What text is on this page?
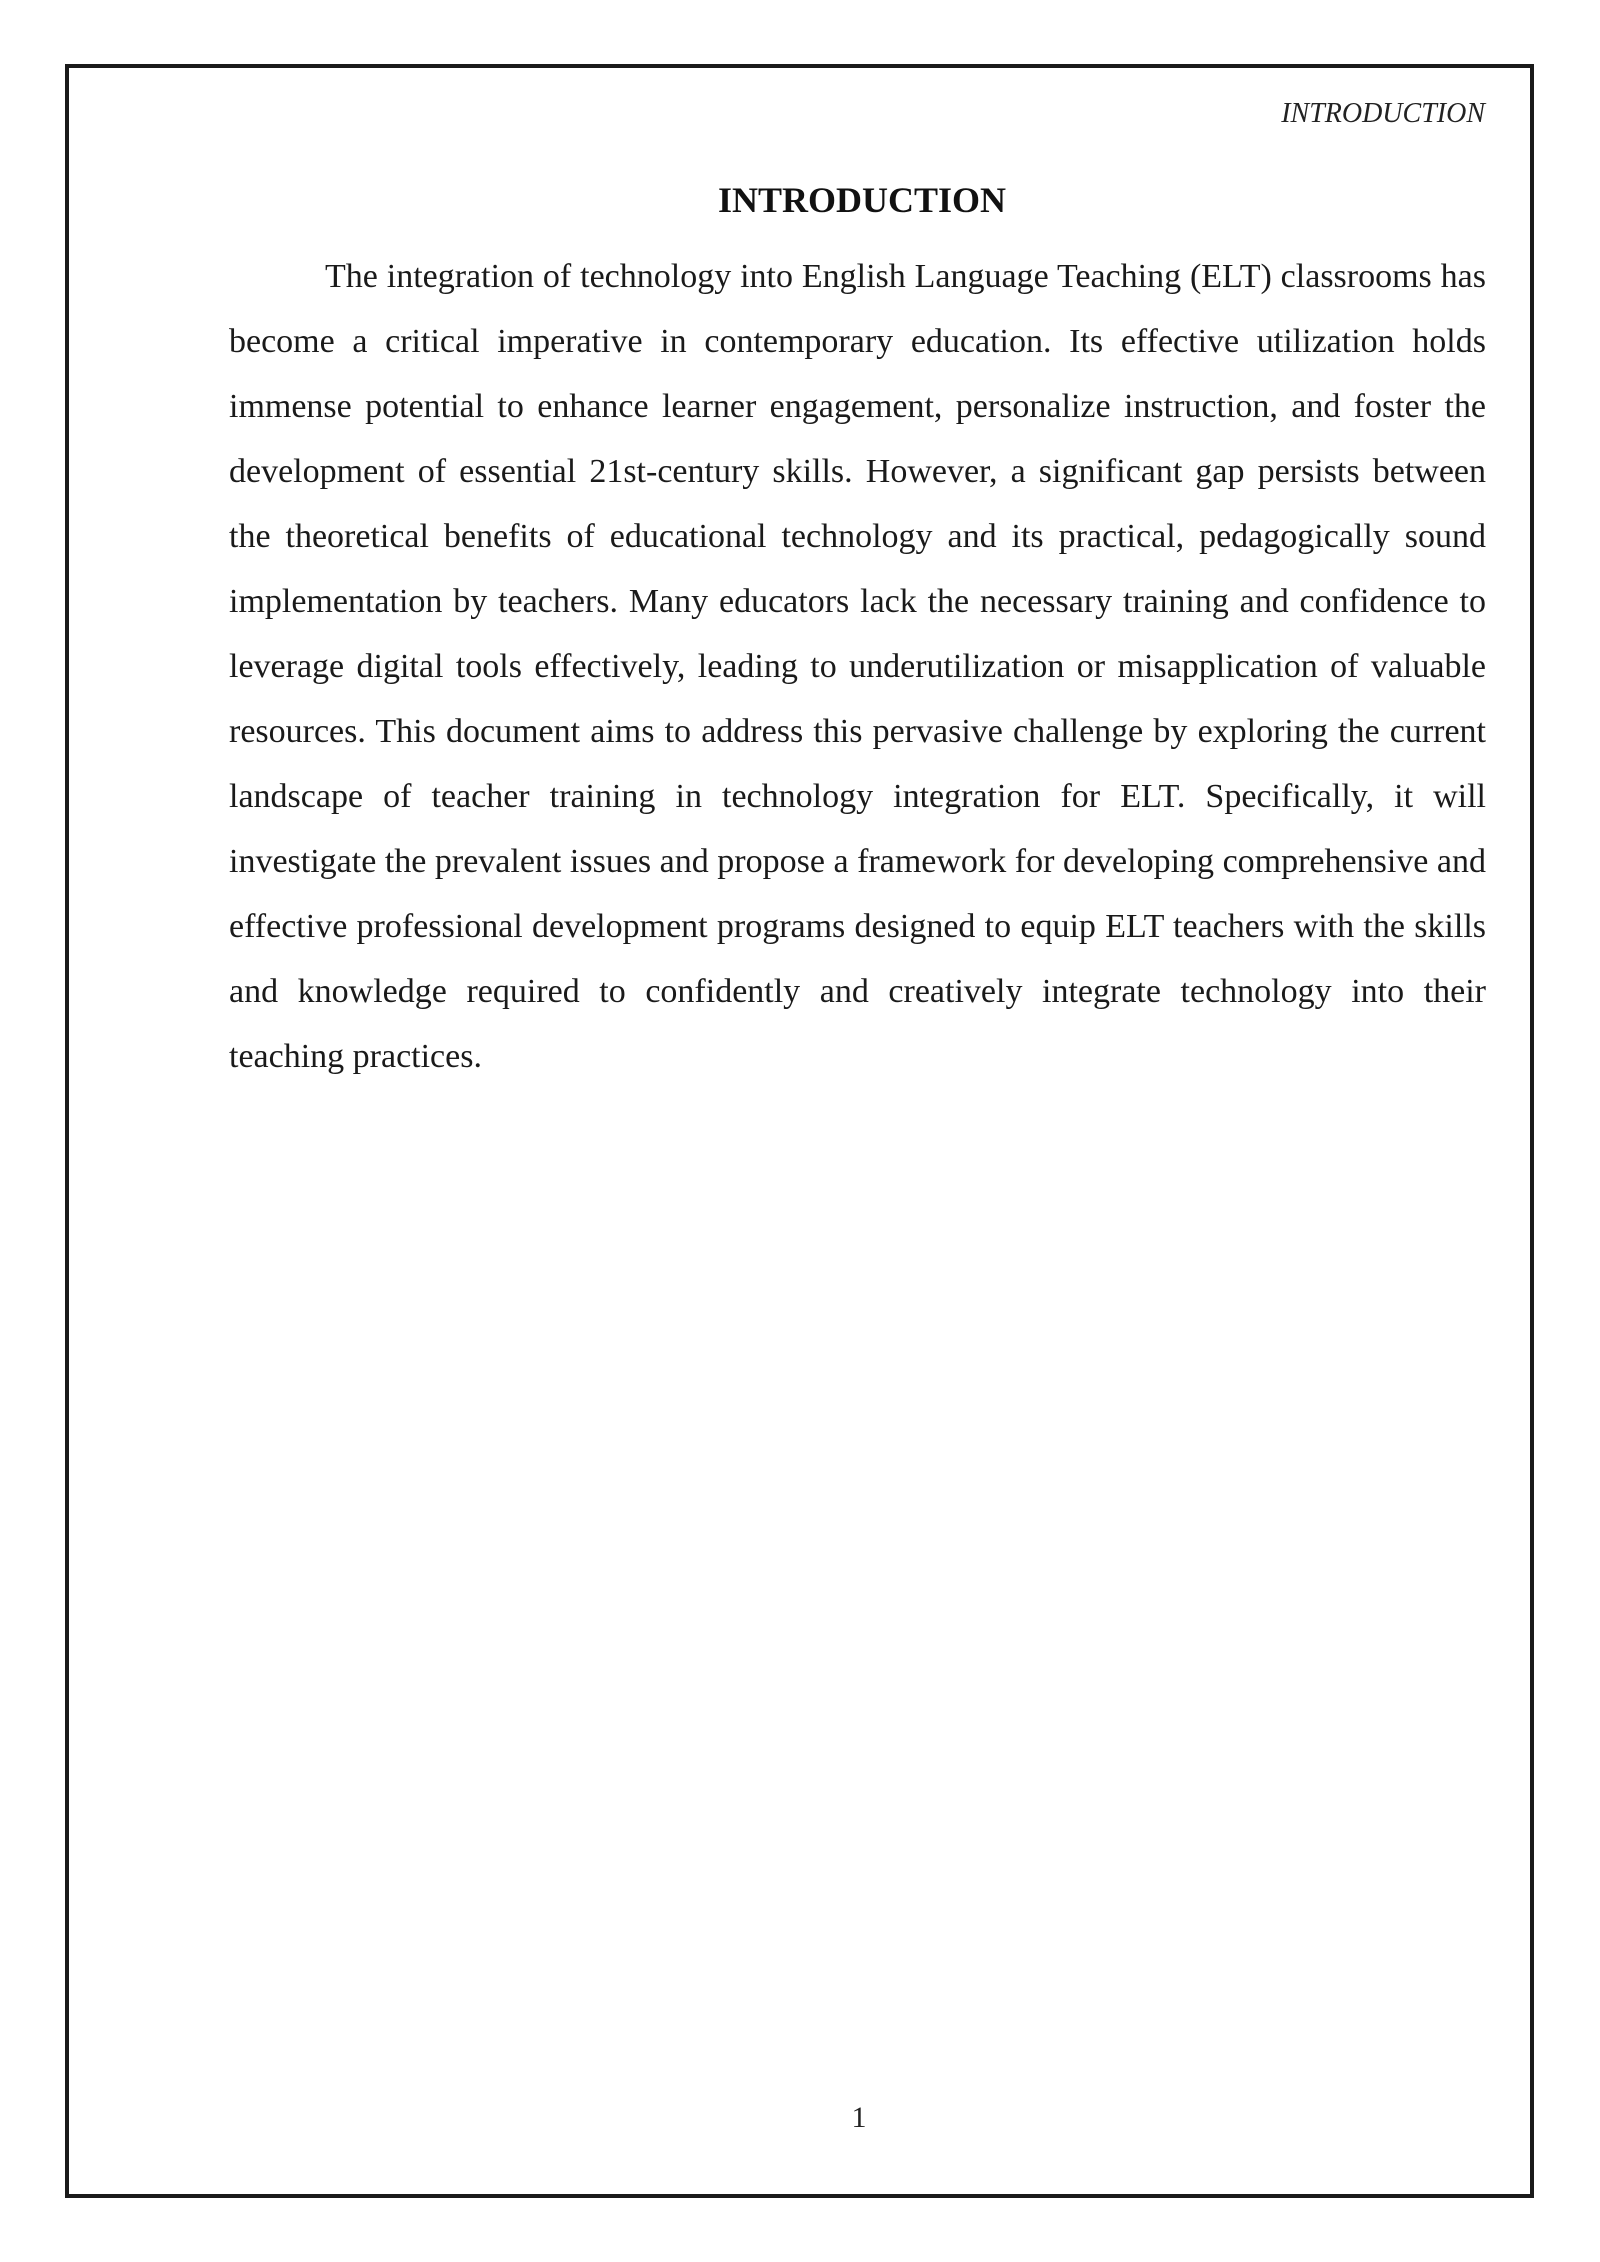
INTRODUCTION
INTRODUCTION

The integration of technology into English Language Teaching (ELT) classrooms has become a critical imperative in contemporary education. Its effective utilization holds immense potential to enhance learner engagement, personalize instruction, and foster the development of essential 21st-century skills. However, a significant gap persists between the theoretical benefits of educational technology and its practical, pedagogically sound implementation by teachers. Many educators lack the necessary training and confidence to leverage digital tools effectively, leading to underutilization or misapplication of valuable resources. This document aims to address this pervasive challenge by exploring the current landscape of teacher training in technology integration for ELT. Specifically, it will investigate the prevalent issues and propose a framework for developing comprehensive and effective professional development programs designed to equip ELT teachers with the skills and knowledge required to confidently and creatively integrate technology into their teaching practices.

1
